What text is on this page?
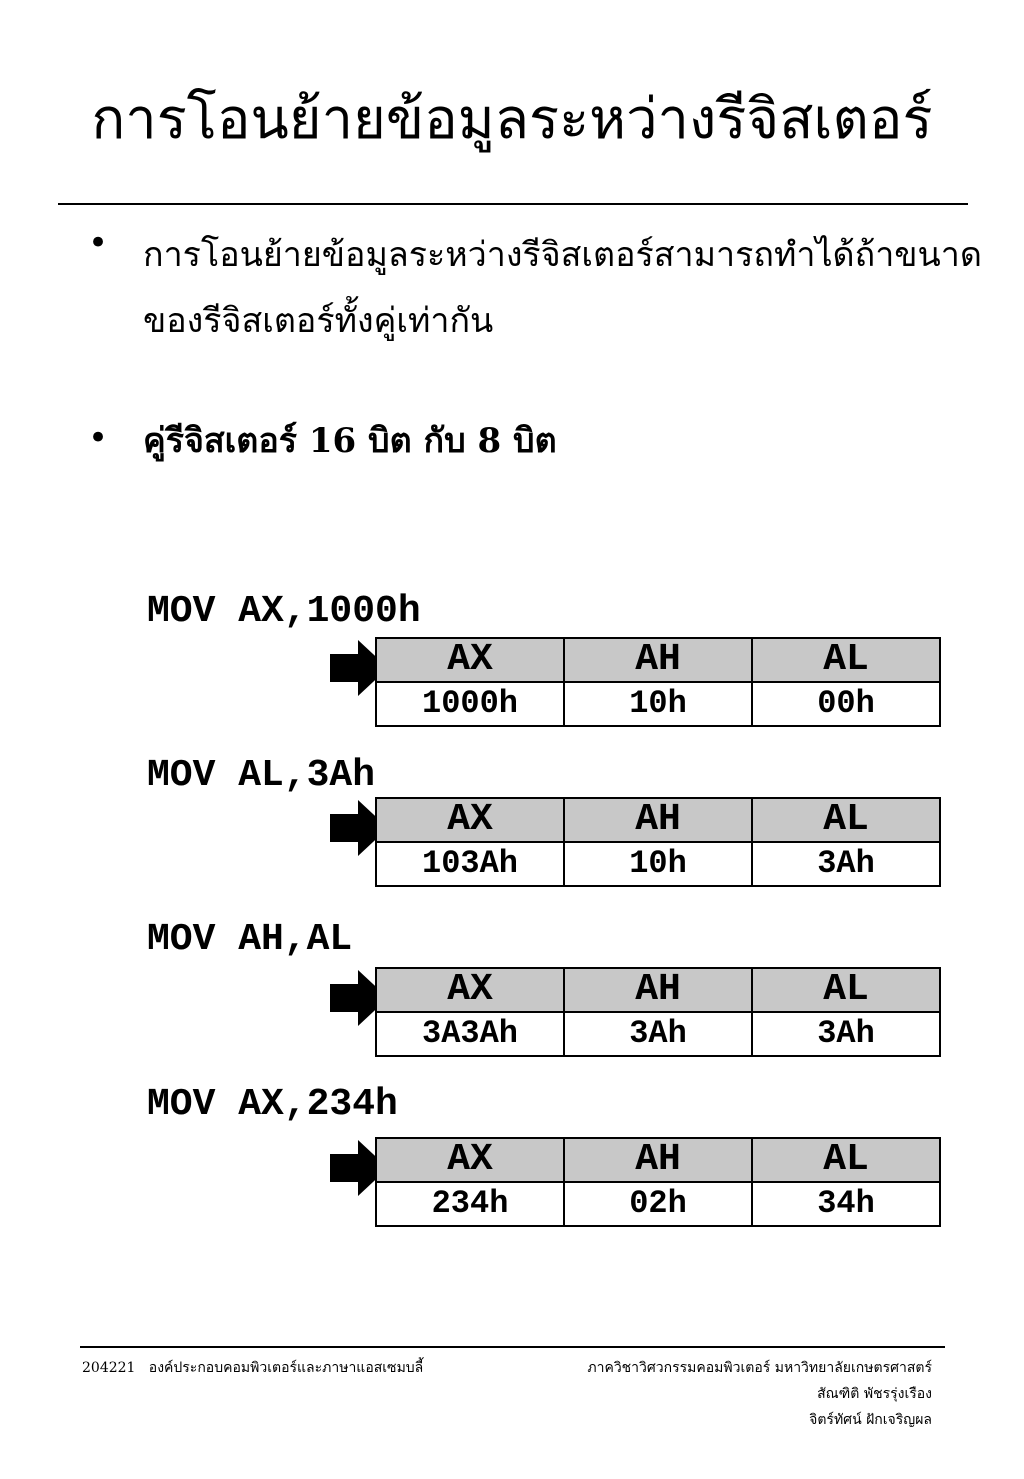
การโอนย้ายข้อมูลระหว่างรีจิสเตอร์
• การโอนย้ายข้อมูลระหว่างรีจิสเตอร์สามารถทำได้ถ้าขนาดของรีจิสเตอร์ทั้งคู่เท่ากัน
• คู่รีจิสเตอร์ 16 บิต กับ 8 บิต
MOV AX,1000h
AX	AH	AL
1000h	10h	00h
MOV AL,3Ah
AX	AH	AL
103Ah	10h	3Ah
MOV AH,AL
AX	AH	AL
3A3Ah	3Ah	3Ah
MOV AX,234h
AX	AH	AL
234h	02h	34h
204221   องค์ประกอบคอมพิวเตอร์และภาษาแอสเซมบลี้	ภาควิชาวิศวกรรมคอมพิวเตอร์ มหาวิทยาลัยเกษตรศาสตร์
สัณฑิติ พัชรรุ่งเรือง
จิตร์ทัศน์ ฝักเจริญผล
